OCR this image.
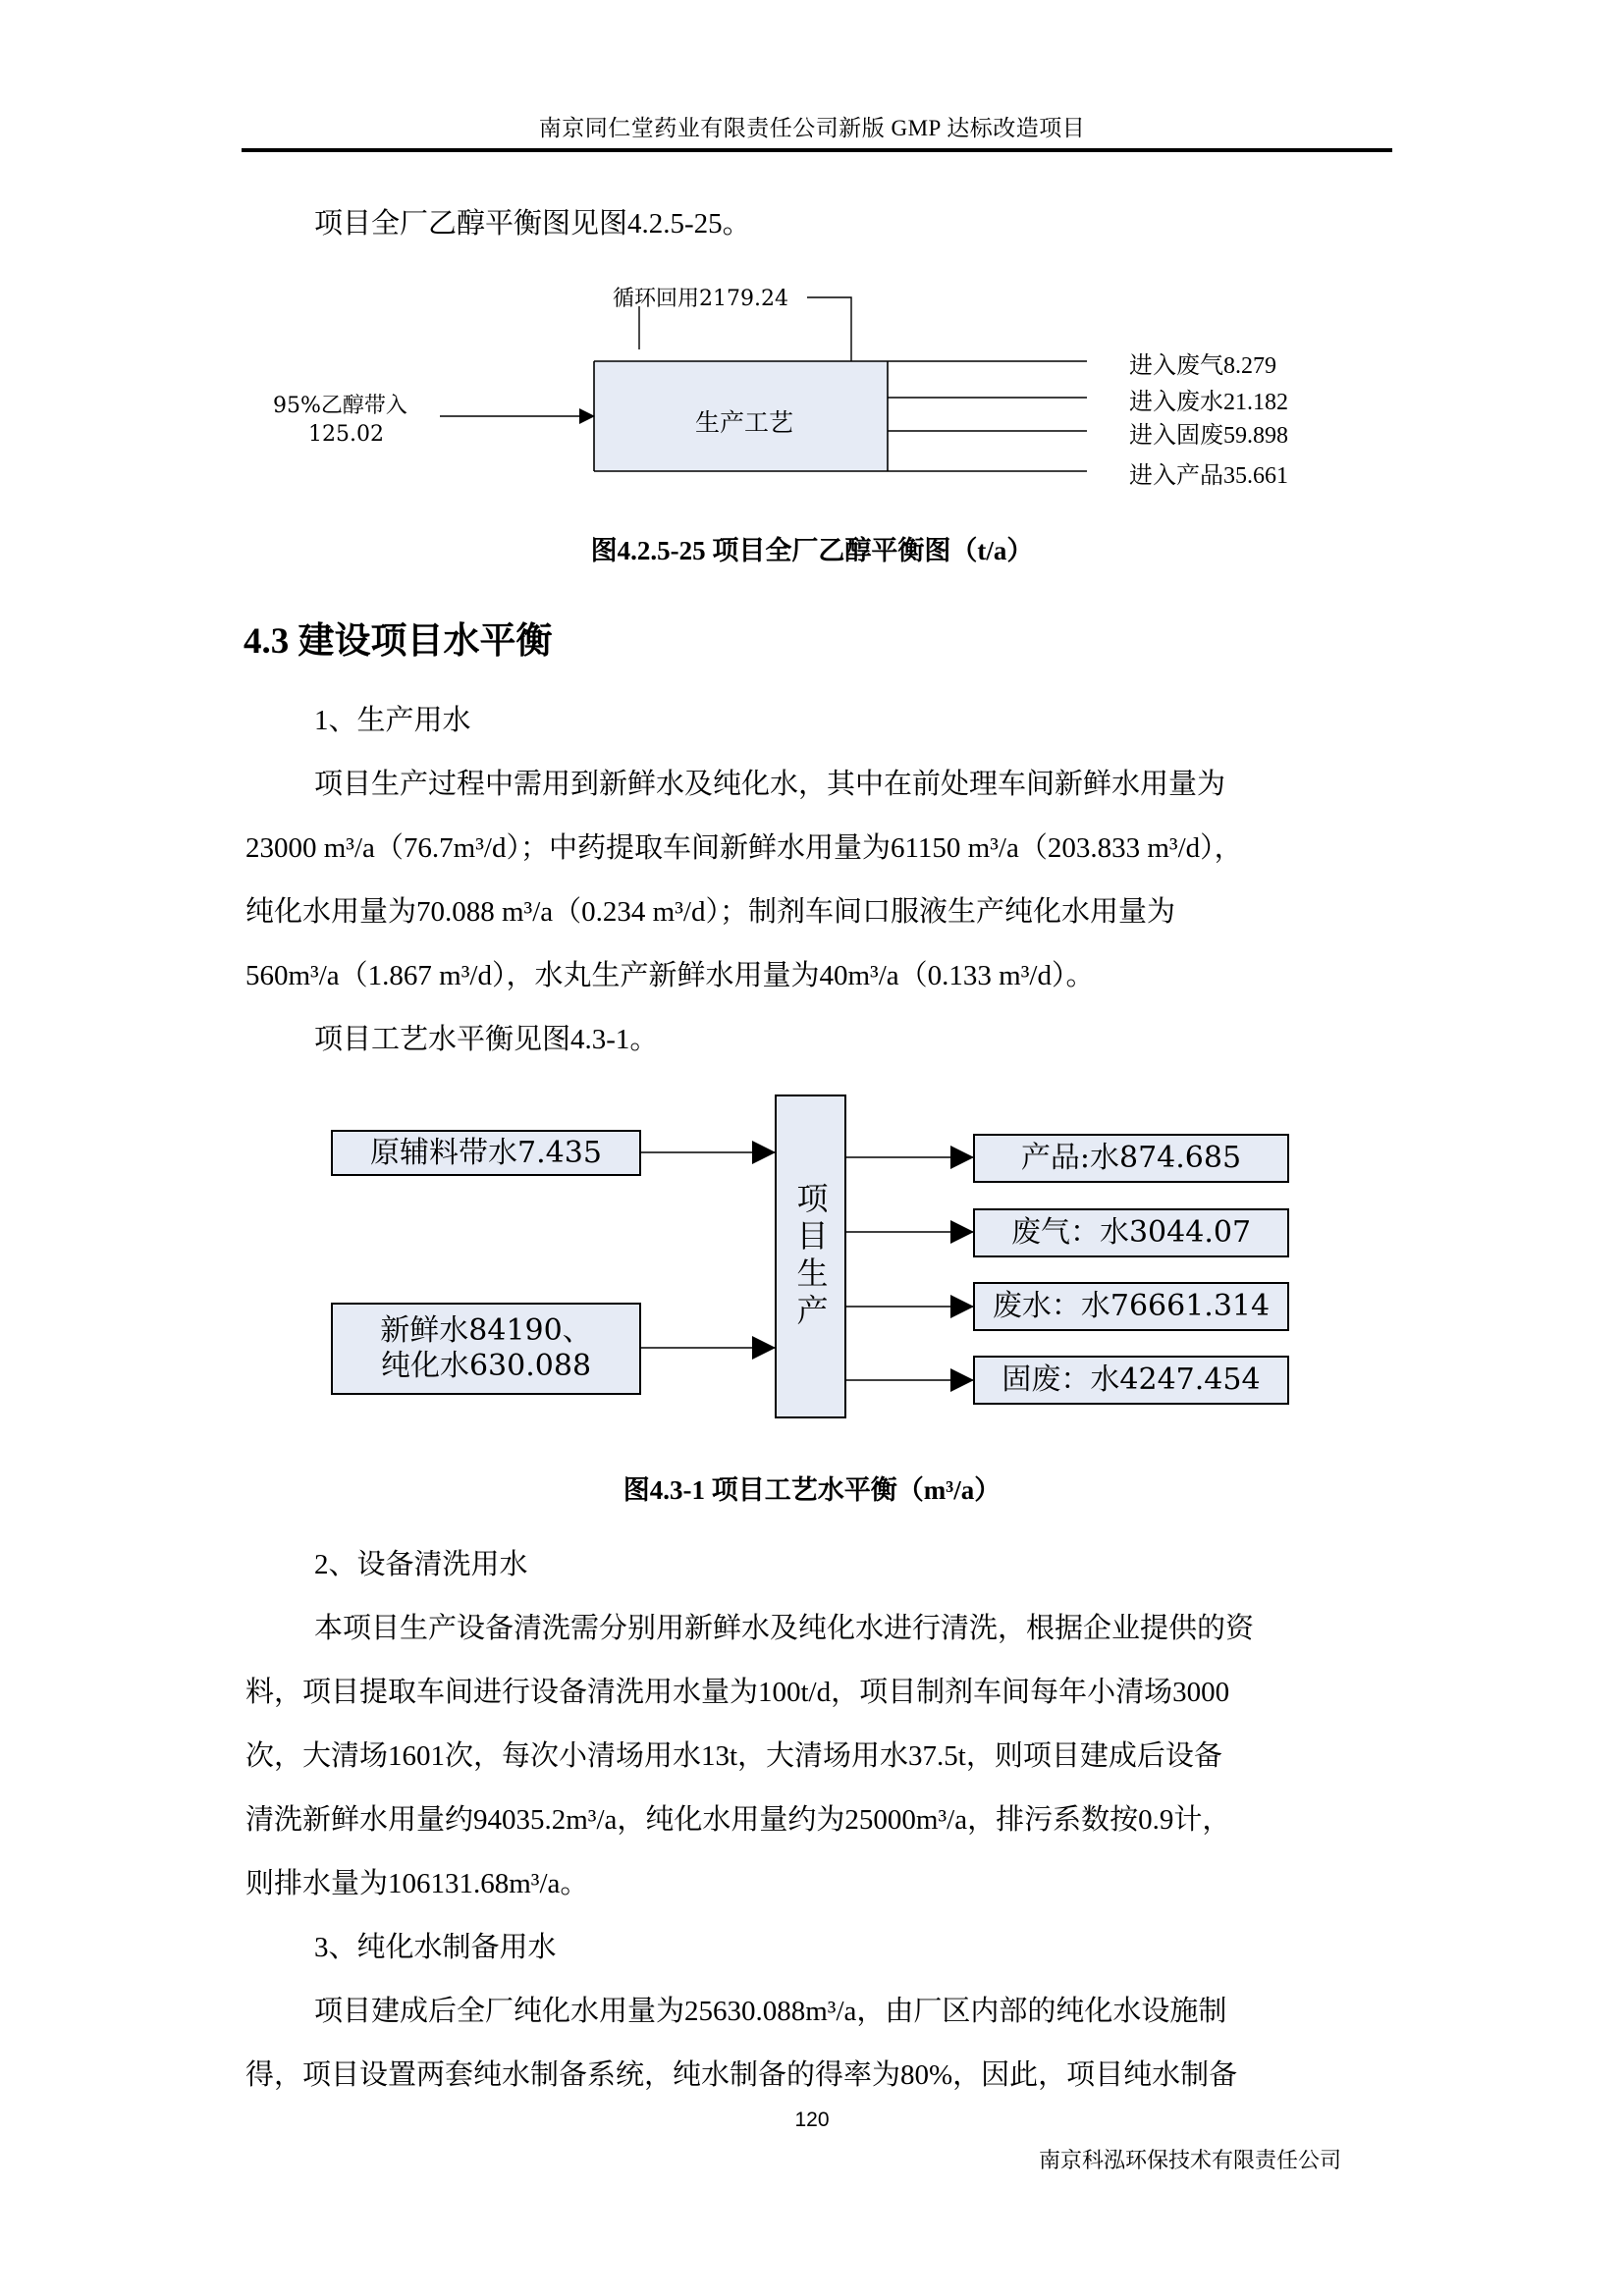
南京同仁堂药业有限责任公司新版 GMP 达标改造项目
项目全厂乙醇平衡图见图4.2.5-25。
循环回用2179.24
95%乙醇带入
125.02	生产工艺
进入废气8.279
进入废水21.182
进入固废59.898
进入产品35.661
图4.2.5-25 项目全厂乙醇平衡图（t/a）
4.3 建设项目水平衡
1、生产用水
项目生产过程中需用到新鲜水及纯化水，其中在前处理车间新鲜水用量为
23000 m³/a（76.7m³/d）；中药提取车间新鲜水用量为61150 m³/a（203.833 m³/d），
纯化水用量为70.088 m³/a（0.234 m³/d）；制剂车间口服液生产纯化水用量为
560m³/a（1.867 m³/d），水丸生产新鲜水用量为40m³/a（0.133 m³/d）。
项目工艺水平衡见图4.3-1。
原辅料带水7.435
新鲜水84190、纯化水630.088
项目生产
产品:水874.685
废气：水3044.07
废水：水76661.314
固废：水4247.454
图4.3-1 项目工艺水平衡（m³/a）
2、设备清洗用水
本项目生产设备清洗需分别用新鲜水及纯化水进行清洗，根据企业提供的资
料，项目提取车间进行设备清洗用水量为100t/d，项目制剂车间每年小清场3000
次，大清场1601次，每次小清场用水13t，大清场用水37.5t，则项目建成后设备
清洗新鲜水用量约94035.2m³/a，纯化水用量约为25000m³/a，排污系数按0.9计，
则排水量为106131.68m³/a。
3、纯化水制备用水
项目建成后全厂纯化水用量为25630.088m³/a，由厂区内部的纯化水设施制
得，项目设置两套纯水制备系统，纯水制备的得率为80%，因此，项目纯水制备
120
南京科泓环保技术有限责任公司
